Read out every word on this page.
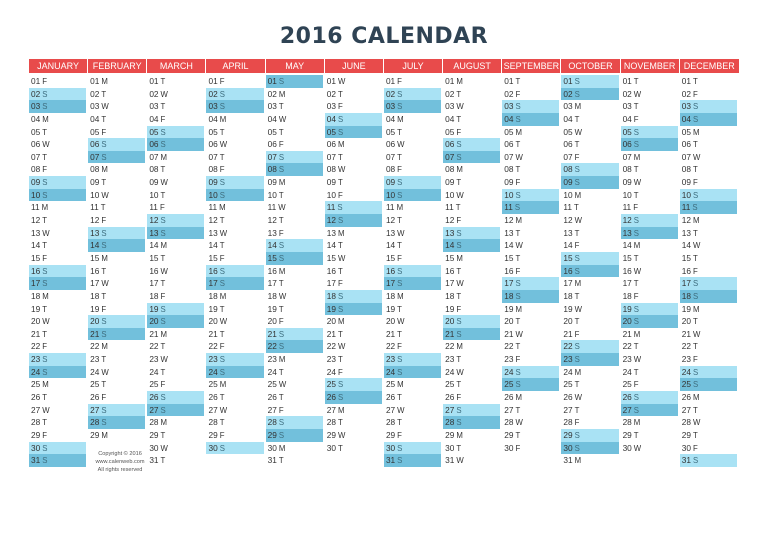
2016 CALENDAR
JANUARY
01 F
02 S
03 S
04 M
05 T
06 W
07 T
08 F
09 S
10 S
11 M
12 T
13 W
14 T
15 F
16 S
17 S
18 M
19 T
20 W
21 T
22 F
23 S
24 S
25 M
26 T
27 W
28 T
29 F
30 S
31 S
FEBRUARY
01 M
02 T
03 W
04 T
05 F
06 S
07 S
08 M
09 T
10 W
11 T
12 F
13 S
14 S
15 M
16 T
17 W
18 T
19 F
20 S
21 S
22 M
23 T
24 W
25 T
26 F
27 S
28 S
29 M
MARCH
01 T
02 W
03 T
04 F
05 S
06 S
07 M
08 T
09 W
10 T
11 F
12 S
13 S
14 M
15 T
16 W
17 T
18 F
19 S
20 S
21 M
22 T
23 W
24 T
25 F
26 S
27 S
28 M
29 T
30 W
31 T
APRIL
01 F
02 S
03 S
04 M
05 T
06 W
07 T
08 F
09 S
10 S
11 M
12 T
13 W
14 T
15 F
16 S
17 S
18 M
19 T
20 W
21 T
22 F
23 S
24 S
25 M
26 T
27 W
28 T
29 F
30 S
MAY
01 S
02 M
03 T
04 W
05 T
06 F
07 S
08 S
09 M
10 T
11 W
12 T
13 F
14 S
15 S
16 M
17 T
18 W
19 T
20 F
21 S
22 S
23 M
24 T
25 W
26 T
27 F
28 S
29 S
30 M
31 T
JUNE
01 W
02 T
03 F
04 S
05 S
06 M
07 T
08 W
09 T
10 F
11 S
12 S
13 M
14 T
15 W
16 T
17 F
18 S
19 S
20 M
21 T
22 W
23 T
24 F
25 S
26 S
27 M
28 T
29 W
30 T
JULY
01 F
02 S
03 S
04 M
05 T
06 W
07 T
08 F
09 S
10 S
11 M
12 T
13 W
14 T
15 F
16 S
17 S
18 M
19 T
20 W
21 T
22 F
23 S
24 S
25 M
26 T
27 W
28 T
29 F
30 S
31 S
AUGUST
01 M
02 T
03 W
04 T
05 F
06 S
07 S
08 M
09 T
10 W
11 T
12 F
13 S
14 S
15 M
16 T
17 W
18 T
19 F
20 S
21 S
22 M
23 T
24 W
25 T
26 F
27 S
28 S
29 M
30 T
31 W
SEPTEMBER
01 T
02 F
03 S
04 S
05 M
06 T
07 W
08 T
09 F
10 S
11 S
12 M
13 T
14 W
15 T
16 F
17 S
18 S
19 M
20 T
21 W
22 T
23 F
24 S
25 S
26 M
27 T
28 W
29 T
30 F
OCTOBER
01 S
02 S
03 M
04 T
05 W
06 T
07 F
08 S
09 S
10 M
11 T
12 W
13 T
14 F
15 S
16 S
17 M
18 T
19 W
20 T
21 F
22 S
23 S
24 M
25 T
26 W
27 T
28 F
29 S
30 S
31 M
NOVEMBER
01 T
02 W
03 T
04 F
05 S
06 S
07 M
08 T
09 W
10 T
11 F
12 S
13 S
14 M
15 T
16 W
17 T
18 F
19 S
20 S
21 M
22 T
23 W
24 T
25 F
26 S
27 S
28 M
29 T
30 W
DECEMBER
01 T
02 F
03 S
04 S
05 M
06 T
07 W
08 T
09 F
10 S
11 S
12 M
13 T
14 W
15 T
16 F
17 S
18 S
19 M
20 T
21 W
22 T
23 F
24 S
25 S
26 M
27 T
28 W
29 T
30 F
31 S
Copyright © 2016
www.calenweb.com
All rights reserved
